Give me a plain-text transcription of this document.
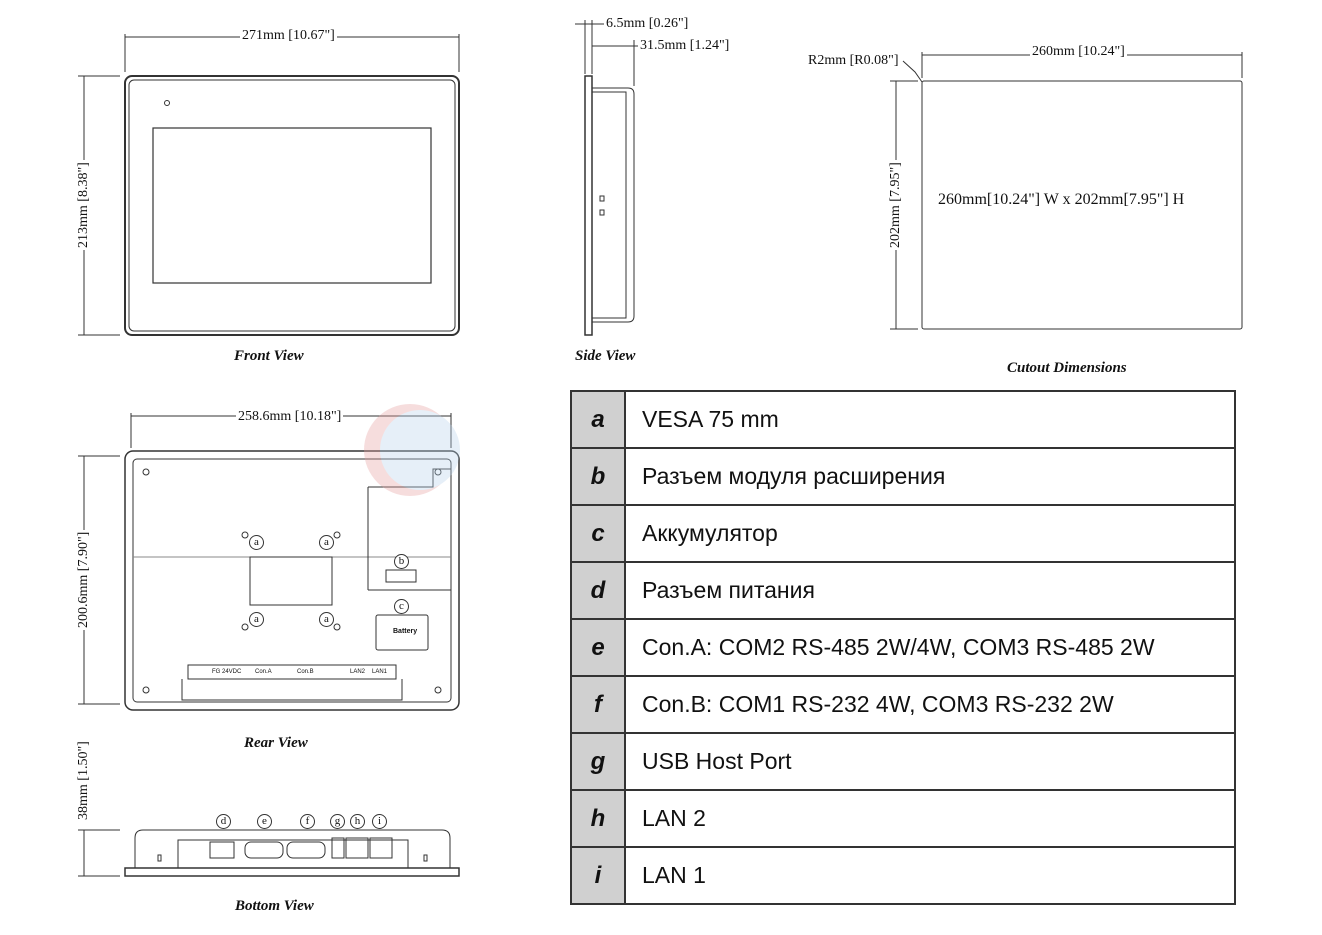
271mm [10.67"]
213mm [8.38"]
6.5mm [0.26"]
31.5mm [1.24"]
R2mm [R0.08"]
260mm [10.24"]
202mm [7.95"] 260mm[10.24"] W x 202mm[7.95"] H
258.6mm [10.18"]
200.6mm [7.90"]
38mm [1.50"]
Front View	Side View
Cutout Dimensions
Rear View
Bottom View
a	a
a	a
b
c
Battery
FG 24VDC Con.A	Con.B	LAN2 LAN1
d	e	f	g	h	i
a	VESA 75 mm
b	Разъем модуля расширения
c	Аккумулятор
d	Разъем питания
e	Con.A: COM2 RS-485 2W/4W, COM3 RS-485 2W
f	Con.B: COM1 RS-232 4W, COM3 RS-232 2W
g	USB Host Port
h	LAN 2
i	LAN 1
